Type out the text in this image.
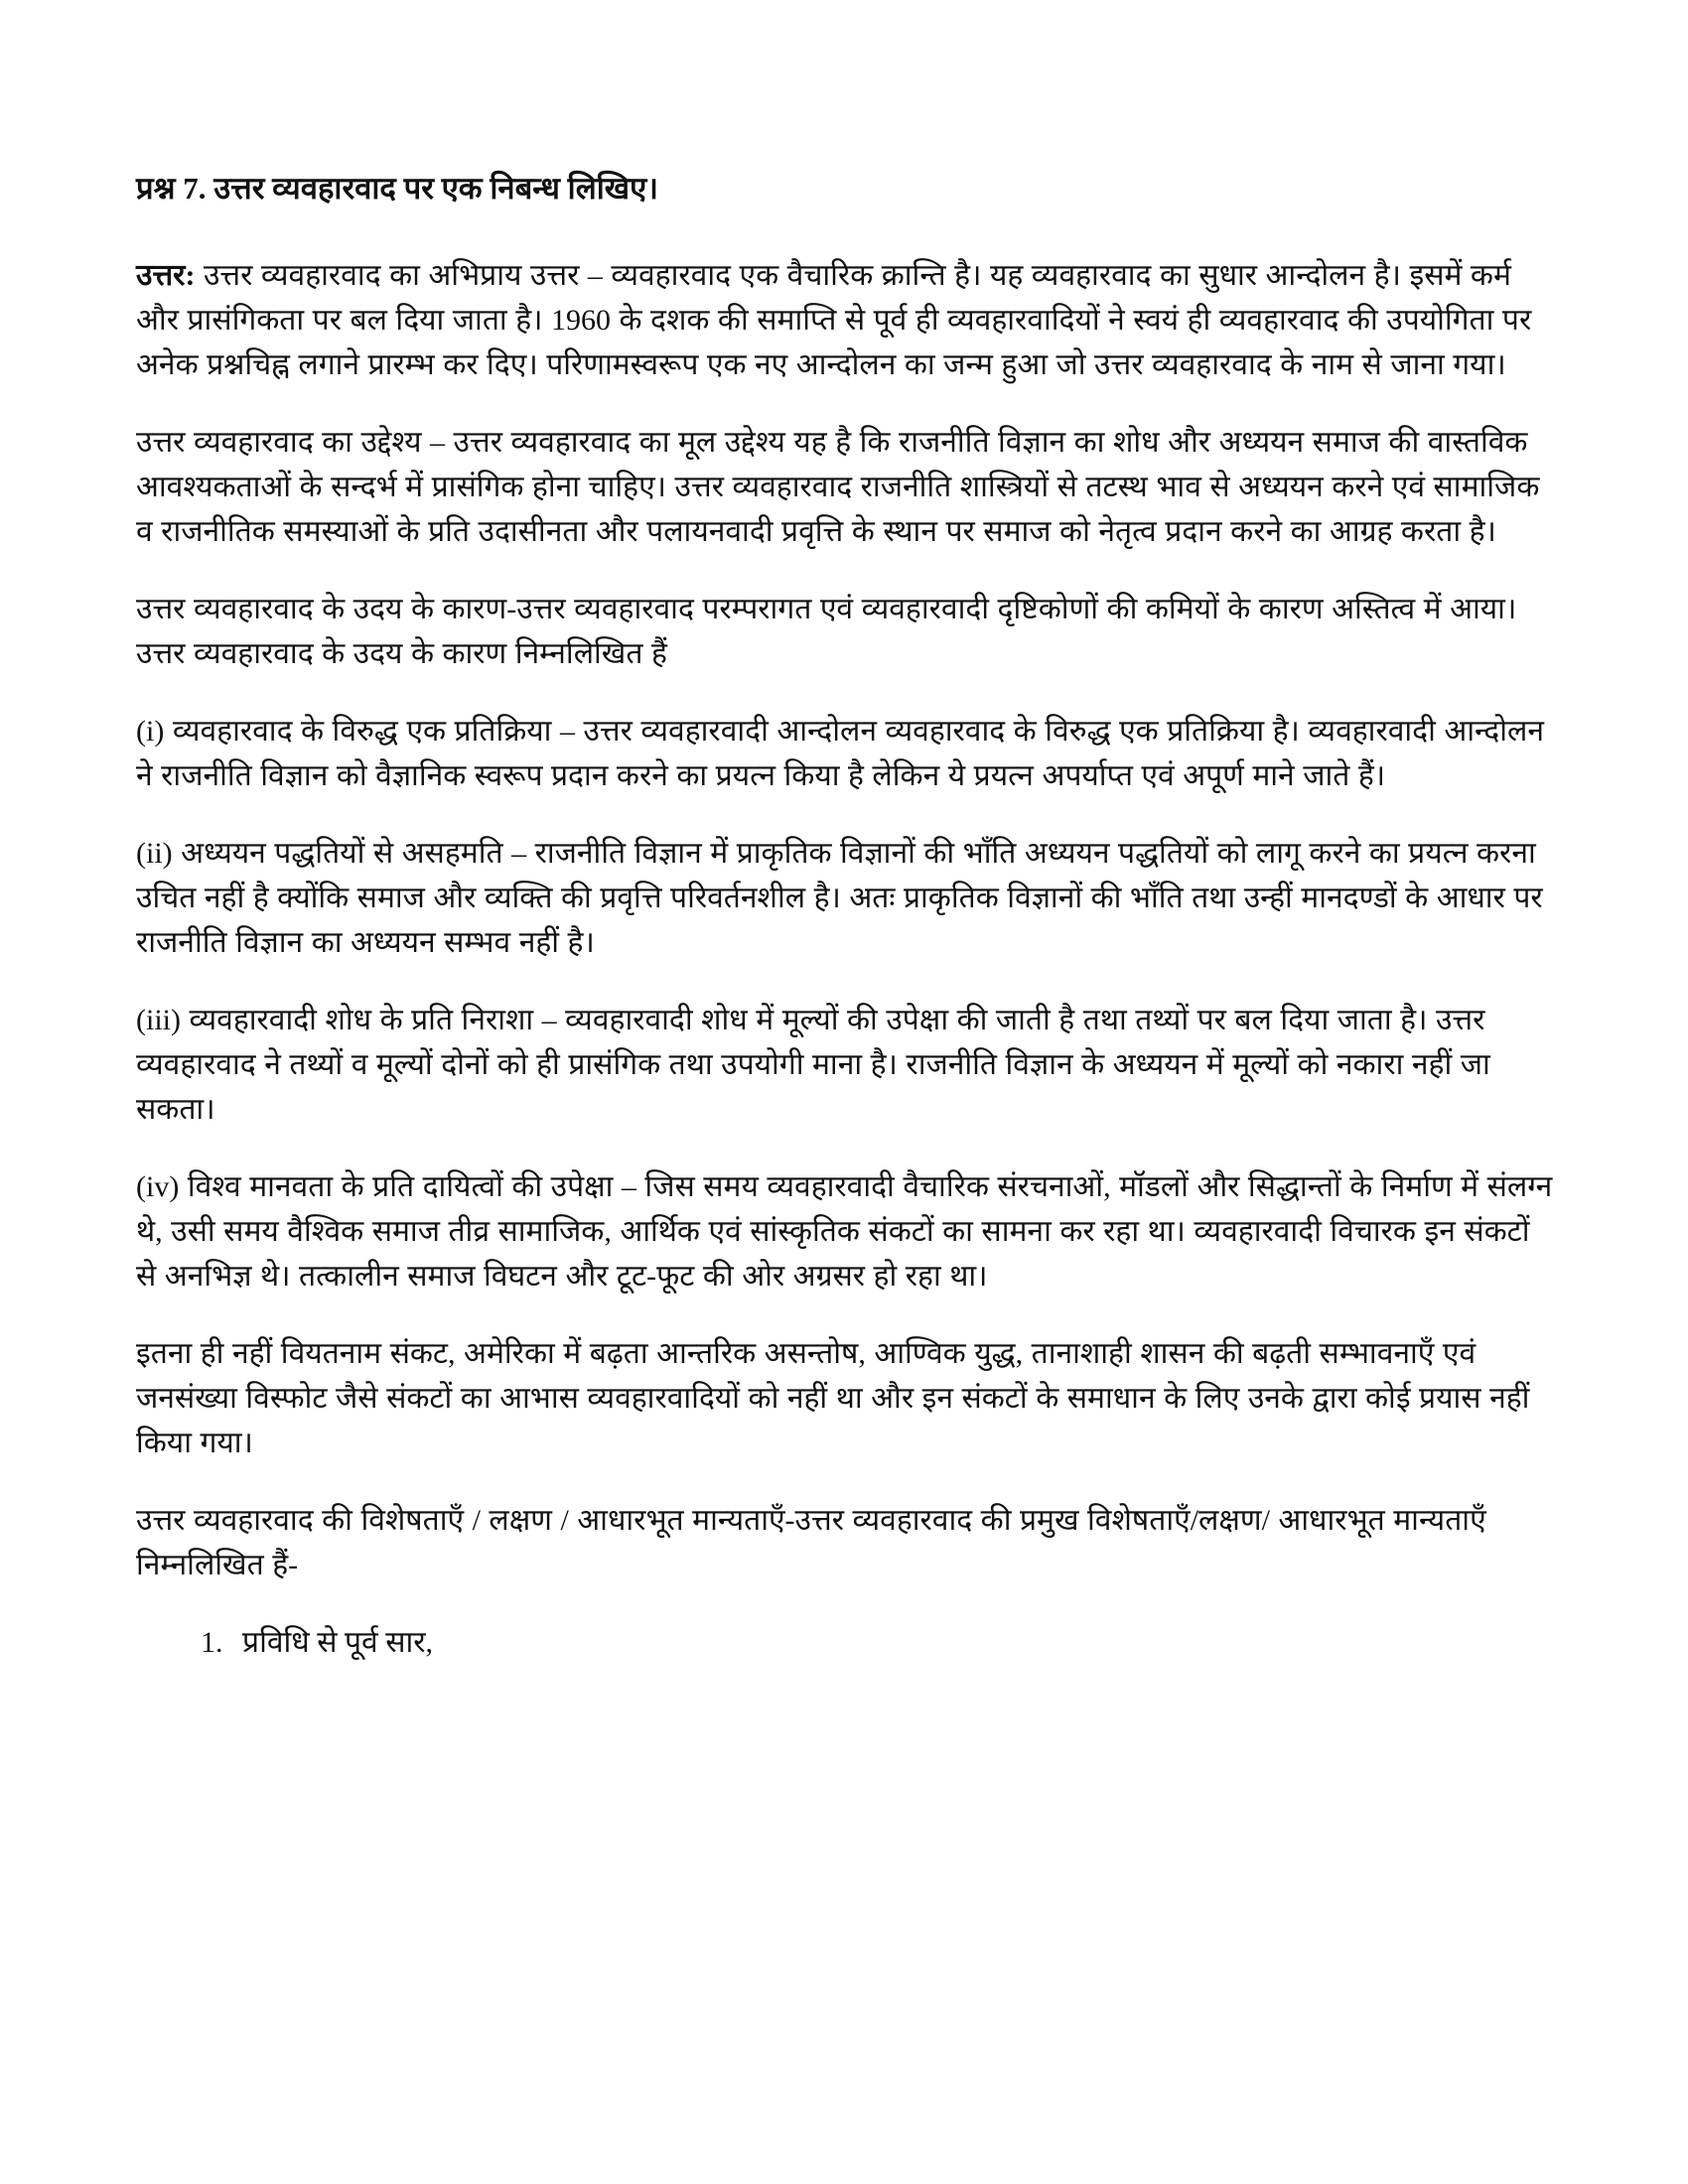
प्रश्न 7. उत्तर व्यवहारवाद पर एक निबन्ध लिखिए।

उत्तर: उत्तर व्यवहारवाद का अभिप्राय उत्तर – व्यवहारवाद एक वैचारिक क्रान्ति है। यह व्यवहारवाद का सुधार आन्दोलन है। इसमें कर्म और प्रासंगिकता पर बल दिया जाता है। 1960 के दशक की समाप्ति से पूर्व ही व्यवहारवादियों ने स्वयं ही व्यवहारवाद की उपयोगिता पर अनेक प्रश्नचिह्न लगाने प्रारम्भ कर दिए। परिणामस्वरूप एक नए आन्दोलन का जन्म हुआ जो उत्तर व्यवहारवाद के नाम से जाना गया।

उत्तर व्यवहारवाद का उद्देश्य – उत्तर व्यवहारवाद का मूल उद्देश्य यह है कि राजनीति विज्ञान का शोध और अध्ययन समाज की वास्तविक आवश्यकताओं के सन्दर्भ में प्रासंगिक होना चाहिए। उत्तर व्यवहारवाद राजनीति शास्त्रियों से तटस्थ भाव से अध्ययन करने एवं सामाजिक व राजनीतिक समस्याओं के प्रति उदासीनता और पलायनवादी प्रवृत्ति के स्थान पर समाज को नेतृत्व प्रदान करने का आग्रह करता है।

उत्तर व्यवहारवाद के उदय के कारण-उत्तर व्यवहारवाद परम्परागत एवं व्यवहारवादी दृष्टिकोणों की कमियों के कारण अस्तित्व में आया। उत्तर व्यवहारवाद के उदय के कारण निम्नलिखित हैं

(i) व्यवहारवाद के विरुद्ध एक प्रतिक्रिया – उत्तर व्यवहारवादी आन्दोलन व्यवहारवाद के विरुद्ध एक प्रतिक्रिया है। व्यवहारवादी आन्दोलन ने राजनीति विज्ञान को वैज्ञानिक स्वरूप प्रदान करने का प्रयत्न किया है लेकिन ये प्रयत्न अपर्याप्त एवं अपूर्ण माने जाते हैं।

(ii) अध्ययन पद्धतियों से असहमति – राजनीति विज्ञान में प्राकृतिक विज्ञानों की भाँति अध्ययन पद्धतियों को लागू करने का प्रयत्न करना उचित नहीं है क्योंकि समाज और व्यक्ति की प्रवृत्ति परिवर्तनशील है। अतः प्राकृतिक विज्ञानों की भाँति तथा उन्हीं मानदण्डों के आधार पर राजनीति विज्ञान का अध्ययन सम्भव नहीं है।

(iii) व्यवहारवादी शोध के प्रति निराशा – व्यवहारवादी शोध में मूल्यों की उपेक्षा की जाती है तथा तथ्यों पर बल दिया जाता है। उत्तर व्यवहारवाद ने तथ्यों व मूल्यों दोनों को ही प्रासंगिक तथा उपयोगी माना है। राजनीति विज्ञान के अध्ययन में मूल्यों को नकारा नहीं जा सकता।

(iv) विश्व मानवता के प्रति दायित्वों की उपेक्षा – जिस समय व्यवहारवादी वैचारिक संरचनाओं, मॉडलों और सिद्धान्तों के निर्माण में संलग्न थे, उसी समय वैश्विक समाज तीव्र सामाजिक, आर्थिक एवं सांस्कृतिक संकटों का सामना कर रहा था। व्यवहारवादी विचारक इन संकटों से अनभिज्ञ थे। तत्कालीन समाज विघटन और टूट-फूट की ओर अग्रसर हो रहा था।

इतना ही नहीं वियतनाम संकट, अमेरिका में बढ़ता आन्तरिक असन्तोष, आण्विक युद्ध, तानाशाही शासन की बढ़ती सम्भावनाएँ एवं जनसंख्या विस्फोट जैसे संकटों का आभास व्यवहारवादियों को नहीं था और इन संकटों के समाधान के लिए उनके द्वारा कोई प्रयास नहीं किया गया।

उत्तर व्यवहारवाद की विशेषताएँ / लक्षण / आधारभूत मान्यताएँ-उत्तर व्यवहारवाद की प्रमुख विशेषताएँ/लक्षण/ आधारभूत मान्यताएँ निम्नलिखित हैं-

1. प्रविधि से पूर्व सार,
